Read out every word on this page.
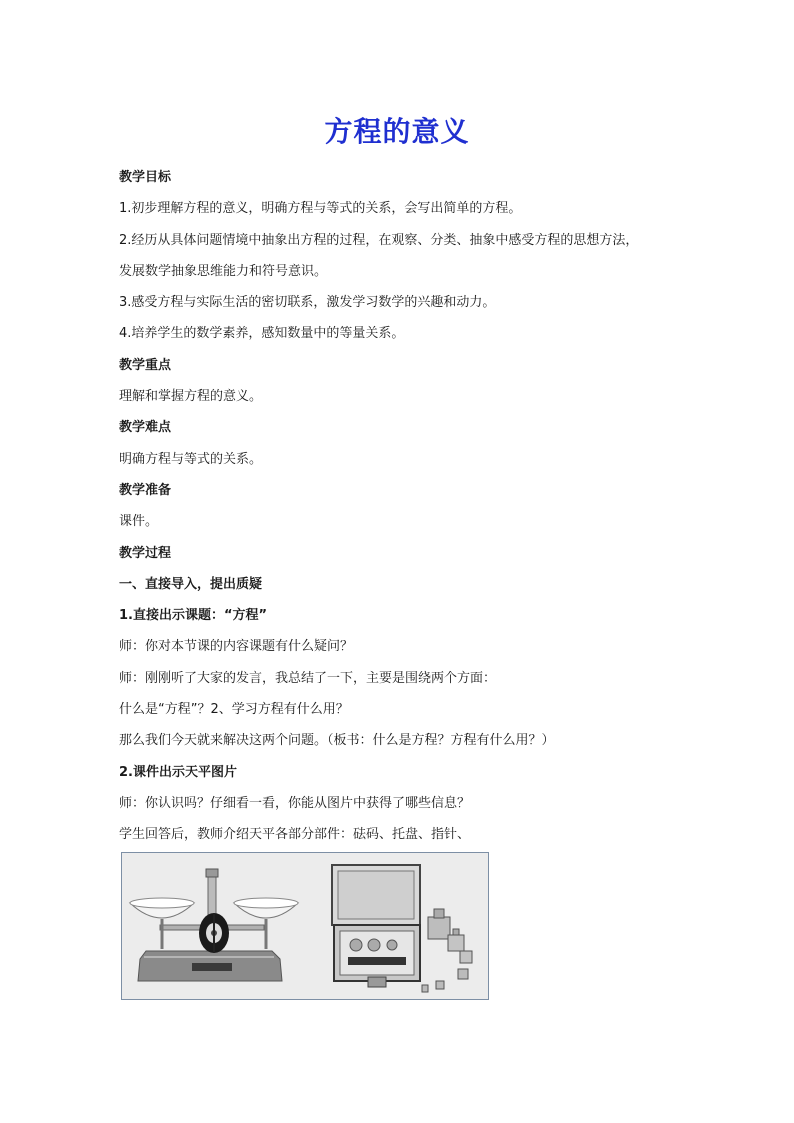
方程的意义
教学目标
1.初步理解方程的意义，明确方程与等式的关系，会写出简单的方程。
2.经历从具体问题情境中抽象出方程的过程，在观察、分类、抽象中感受方程的思想方法，
发展数学抽象思维能力和符号意识。
3.感受方程与实际生活的密切联系，激发学习数学的兴趣和动力。
4.培养学生的数学素养，感知数量中的等量关系。
教学重点
理解和掌握方程的意义。
教学难点
明确方程与等式的关系。
教学准备
课件。
教学过程
一、直接导入，提出质疑
1.直接出示课题：“方程”
师：你对本节课的内容课题有什么疑问？
师：刚刚听了大家的发言，我总结了一下，主要是围绕两个方面：
什么是“方程”？2、学习方程有什么用？
那么我们今天就来解决这两个问题。（板书：什么是方程？方程有什么用？）
2.课件出示天平图片
师：你认识吗？仔细看一看，你能从图片中获得了哪些信息？
学生回答后，教师介绍天平各部分部件：砝码、托盘、指针、
